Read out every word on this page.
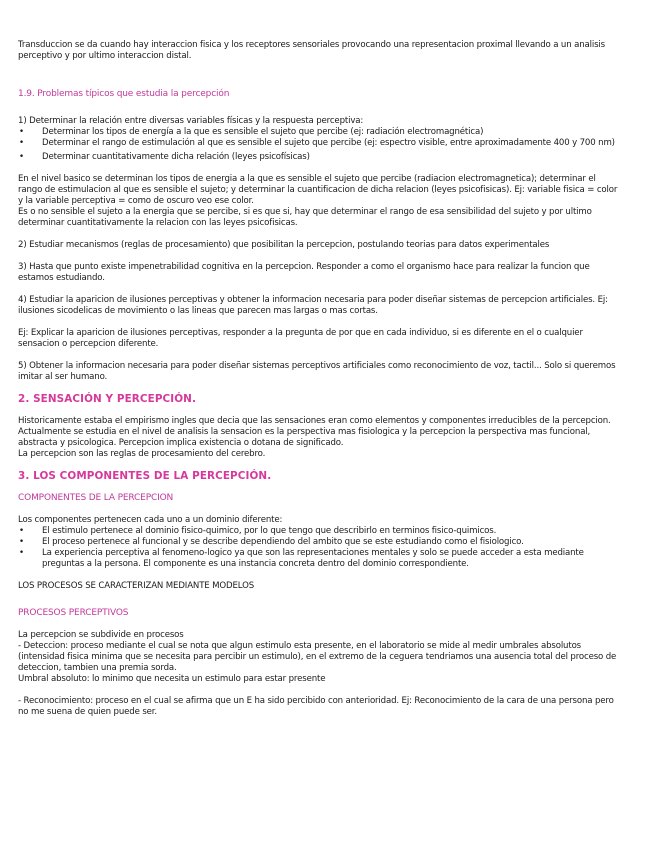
Transduccion se da cuando hay interaccion fisica y los receptores sensoriales provocando una representacion proximal llevando a un analisis perceptivo y por ultimo interaccion distal.

1.9. Problemas típicos que estudia la percepción

1) Determinar la relación entre diversas variables físicas y la respuesta perceptiva:

• Determinar los tipos de energía a la que es sensible el sujeto que percibe (ej: radiación electromagnética)
• Determinar el rango de estimulación al que es sensible el sujeto que percibe (ej: espectro visible, entre aproximadamente 400 y 700 nm)
• Determinar cuantitativamente dicha relación (leyes psicofísicas)

En el nivel basico se determinan los tipos de energia a la que es sensible el sujeto que percibe (radiacion electromagnetica); determinar el rango de estimulacion al que es sensible el sujeto; y determinar la cuantificacion de dicha relacion (leyes psicofisicas). Ej: variable fisica = color y la variable perceptiva = como de oscuro veo ese color.

Es o no sensible el sujeto a la energia que se percibe, si es que si, hay que determinar el rango de esa sensibilidad del sujeto y por ultimo determinar cuantitativamente la relacion con las leyes psicofisicas.

2) Estudiar mecanismos (reglas de procesamiento) que posibilitan la percepcion, postulando teorias para datos experimentales

3) Hasta que punto existe impenetrabilidad cognitiva en la percepcion. Responder a como el organismo hace para realizar la funcion que estamos estudiando.

4) Estudiar la aparicion de ilusiones perceptivas y obtener la informacion necesaria para poder diseñar sistemas de percepcion artificiales. Ej: ilusiones sicodelicas de movimiento o las lineas que parecen mas largas o mas cortas.

Ej: Explicar la aparicion de ilusiones perceptivas, responder a la pregunta de por que en cada individuo, si es diferente en el o cualquier sensacion o percepcion diferente.

5) Obtener la informacion necesaria para poder diseñar sistemas perceptivos artificiales como reconocimiento de voz, tactil... Solo si queremos imitar al ser humano.

2. SENSACIÓN Y PERCEPCIÓN.

Historicamente estaba el empirismo ingles que decia que las sensaciones eran como elementos y componentes irreducibles de la percepcion. Actualmente se estudia en el nivel de analisis la sensacion es la perspectiva mas fisiologica y la percepcion la perspectiva mas funcional, abstracta y psicologica. Percepcion implica existencia o dotana de significado.

La percepcion son las reglas de procesamiento del cerebro.

3. LOS COMPONENTES DE LA PERCEPCIÓN.

COMPONENTES DE LA PERCEPCION

Los componentes pertenecen cada uno a un dominio diferente:

• El estimulo pertenece al dominio fisico-quimico, por lo que tengo que describirlo en terminos fisico-quimicos.
• El proceso pertenece al funcional y se describe dependiendo del ambito que se este estudiando como el fisiologico.
• La experiencia perceptiva al fenomeno-logico ya que son las representaciones mentales y solo se puede acceder a esta mediante preguntas a la persona. El componente es una instancia concreta dentro del dominio correspondiente.

LOS PROCESOS SE CARACTERIZAN MEDIANTE MODELOS

PROCESOS PERCEPTIVOS

La percepcion se subdivide en procesos

- Deteccion: proceso mediante el cual se nota que algun estimulo esta presente, en el laboratorio se mide al medir umbrales absolutos (intensidad fisica minima que se necesita para percibir un estimulo), en el extremo de la ceguera tendriamos una ausencia total del proceso de deteccion, tambien una premia sorda.

Umbral absoluto: lo minimo que necesita un estimulo para estar presente

- Reconocimiento: proceso en el cual se afirma que un E ha sido percibido con anterioridad. Ej: Reconocimiento de la cara de una persona pero no me suena de quien puede ser.
